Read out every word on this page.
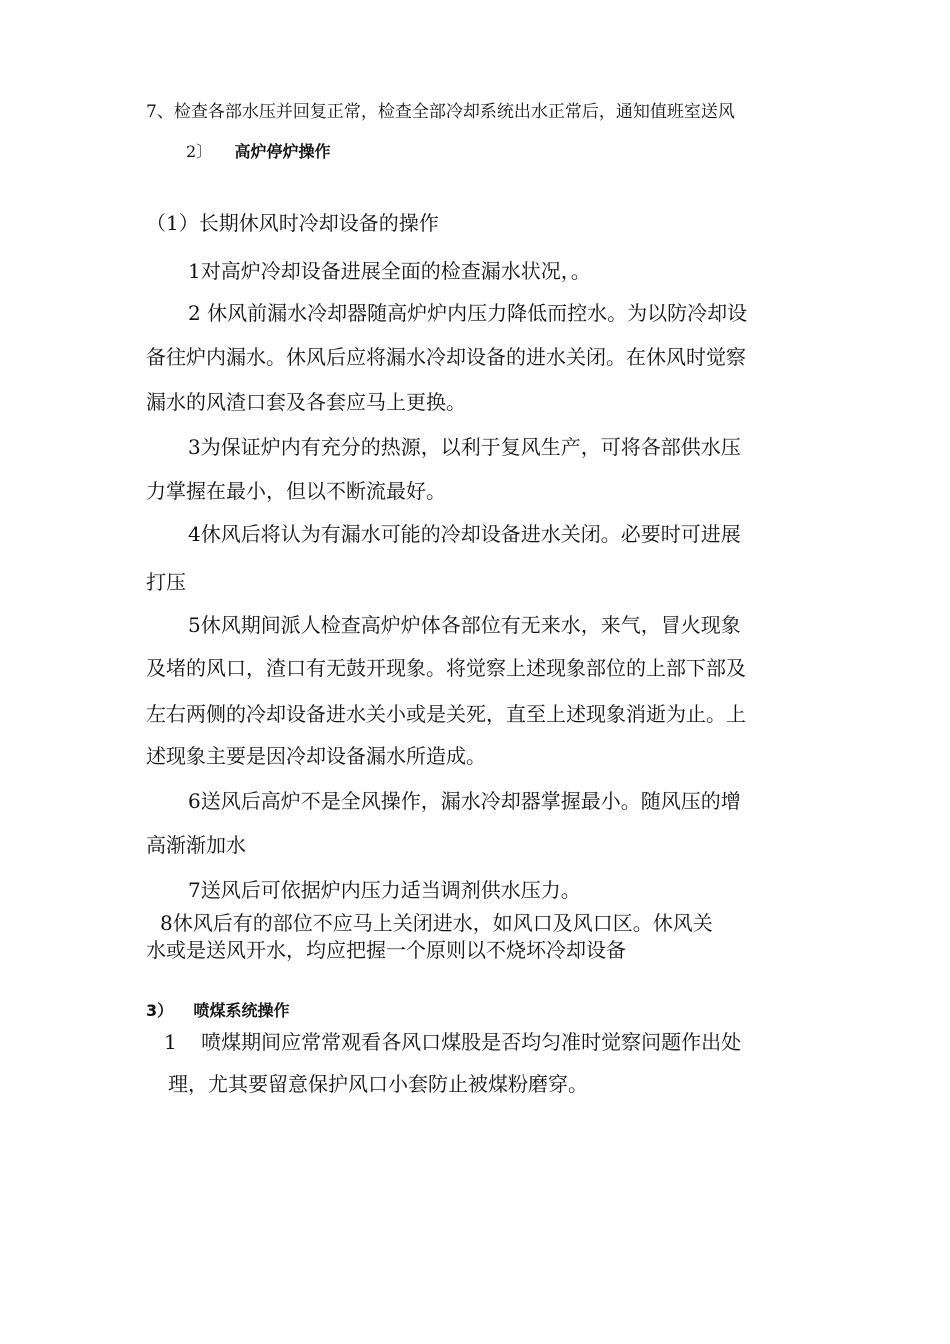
7、检查各部水压并回复正常，检查全部冷却系统出水正常后，通知值班室送风
2〕 高炉停炉操作
（1）长期休风时冷却设备的操作
1对高炉冷却设备进展全面的检查漏水状况，。
2 休风前漏水冷却器随高炉炉内压力降低而控水。为以防冷却设
备往炉内漏水。休风后应将漏水冷却设备的进水关闭。在休风时觉察
漏水的风渣口套及各套应马上更换。
3为保证炉内有充分的热源，以利于复风生产，可将各部供水压
力掌握在最小，但以不断流最好。
4休风后将认为有漏水可能的冷却设备进水关闭。必要时可进展
打压
5休风期间派人检查高炉炉体各部位有无来水，来气，冒火现象
及堵的风口，渣口有无鼓开现象。将觉察上述现象部位的上部下部及
左右两侧的冷却设备进水关小或是关死，直至上述现象消逝为止。上
述现象主要是因冷却设备漏水所造成。
6送风后高炉不是全风操作，漏水冷却器掌握最小。随风压的增
高渐渐加水
7送风后可依据炉内压力适当调剂供水压力。
8休风后有的部位不应马上关闭进水，如风口及风口区。休风关
水或是送风开水，均应把握一个原则以不烧坏冷却设备
3） 喷煤系统操作
1 喷煤期间应常常观看各风口煤股是否均匀准时觉察问题作出处
理，尤其要留意保护风口小套防止被煤粉磨穿。
